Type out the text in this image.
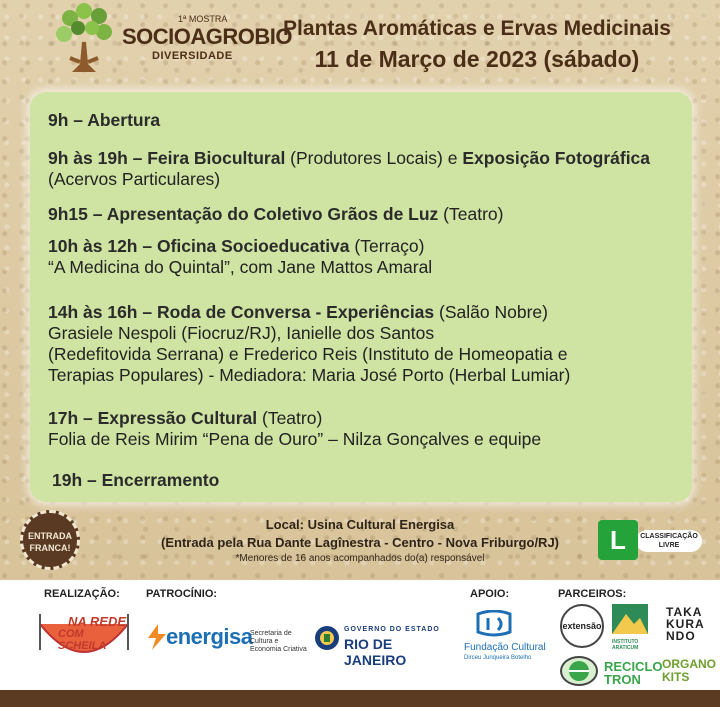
1ª MOSTRA
SOCIOAGROBIO
DIVERSIDADE
Plantas Aromáticas e Ervas Medicinais
11 de Março de 2023 (sábado)
9h – Abertura
9h às 19h – Feira Biocultural (Produtores Locais) e Exposição Fotográfica (Acervos Particulares)
9h15 – Apresentação do Coletivo Grãos de Luz (Teatro)
10h às 12h – Oficina Socioeducativa (Terraço)
“A Medicina do Quintal”, com Jane Mattos Amaral
14h às 16h – Roda de Conversa - Experiências (Salão Nobre)
Grasiele Nespoli (Fiocruz/RJ), Ianielle dos Santos
(Redefitovida Serrana) e Frederico Reis (Instituto de Homeopatia e
Terapias Populares) - Mediadora: Maria José Porto (Herbal Lumiar)
17h – Expressão Cultural (Teatro)
Folia de Reis Mirim “Pena de Ouro” – Nilza Gonçalves e equipe
19h – Encerramento
ENTRADA
FRANCA!
Local: Usina Cultural Energisa
(Entrada pela Rua Dante Lagînestra - Centro - Nova Friburgo/RJ)
*Menores de 16 anos acompanhados do(a) responsável
CLASSIFICAÇÃO
LIVRE
L
REALIZAÇÃO: PATROCÍNIO:	APOIO:	PARCEIROS:
NA REDE
COM SCHEILA	energisa
Secretaria de Cultura e Economia Criativa
GOVERNO DO ESTADO
RIO DE JANEIRO
Fundação Cultural
Dirceu Junqueira Botelho
extensão
INSTITUTO ARATICUM
TAKA
KURA
NDO
RECICLO
TRON
ORGANO
KITS
